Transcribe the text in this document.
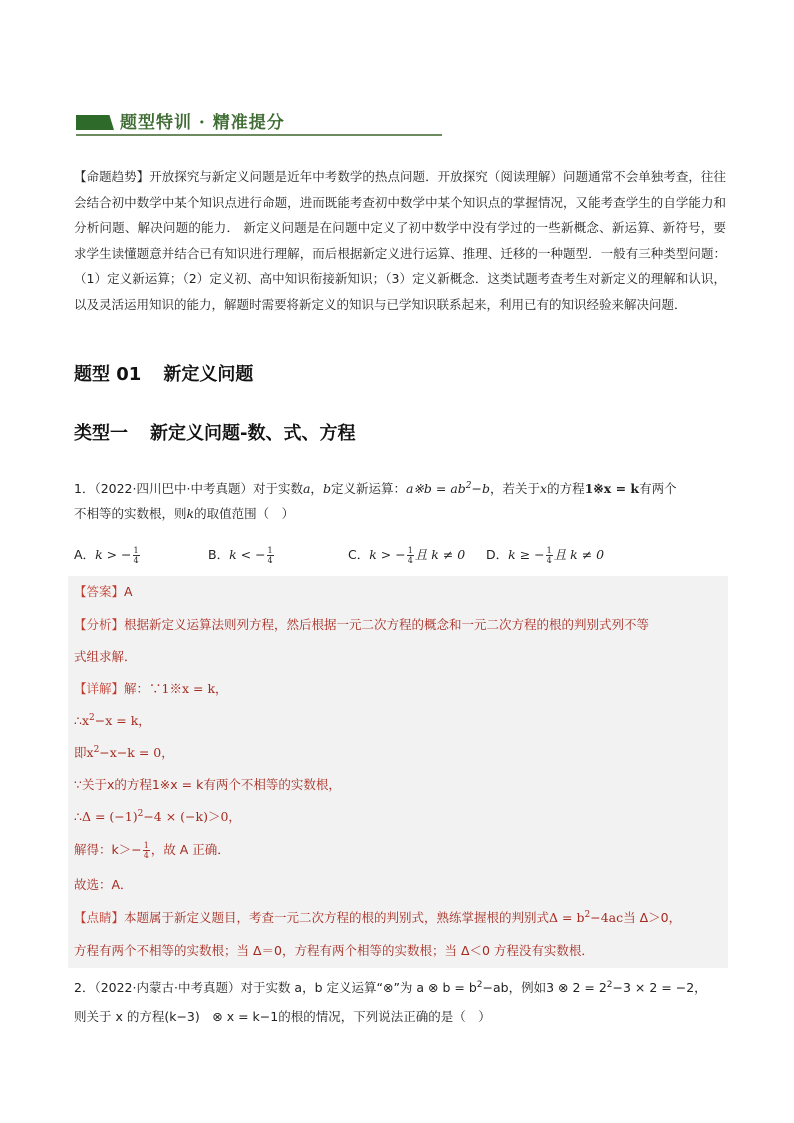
题型特训 · 精准提分
【命题趋势】开放探究与新定义问题是近年中考数学的热点问题．开放探究（阅读理解）问题通常不会单独考查，往往会结合初中数学中某个知识点进行命题，进而既能考查初中数学中某个知识点的掌握情况，又能考查学生的自学能力和分析问题、解决问题的能力． 新定义问题是在问题中定义了初中数学中没有学过的一些新概念、新运算、新符号，要求学生读懂题意并结合已有知识进行理解，而后根据新定义进行运算、推理、迁移的一种题型．一般有三种类型问题：（1）定义新运算；（2）定义初、高中知识衔接新知识；（3）定义新概念．这类试题考查考生对新定义的理解和认识，以及灵活运用知识的能力，解题时需要将新定义的知识与已学知识联系起来，利用已有的知识经验来解决问题．
题型 01 新定义问题
类型一 新定义问题-数、式、方程
1．（2022·四川巴中·中考真题）对于实数a，b定义新运算：a※b = $ab^2-b$，若关于x的方程1※x = k有两个
不相等的实数根，则k的取值范围（　）
A．k > − $\frac{1}{4}$	B．k < − $\frac{1}{4}$	C．k > − $\frac{1}{4}$ 且 k ≠ 0 D．k ≥ − $\frac{1}{4}$ 且 k ≠ 0
【答案】A
【分析】根据新定义运算法则列方程，然后根据一元二次方程的概念和一元二次方程的根的判别式列不等
式组求解．
【详解】解：∵1※x = k，
$\therefore x^2-x = k$，
即$x^2-x-k = 0$，
∵关于x的方程1※x = k有两个不相等的实数根，
∴Δ = $(-1)^2-4 \times (-k)>0$，
解得：$k>- \frac{1}{4}$ ，故 A 正确．
故选：A．
【点睛】本题属于新定义题目，考查一元二次方程的根的判别式，熟练掌握根的判别式$\Delta = b^2-4ac$当 Δ＞0，
方程有两个不相等的实数根；当 Δ＝0，方程有两个相等的实数根；当 Δ＜0 方程没有实数根．
2．（2022·内蒙古·中考真题）对于实数 a，b 定义运算“⊗”为 a ⊗ $b = b^2-ab$，例如3 ⊗ $2 = 2^2-3 \times 2 = -2$，
则关于 x 的方程(k−3)　⊗ x = k−1的根的情况，下列说法正确的是（　）
